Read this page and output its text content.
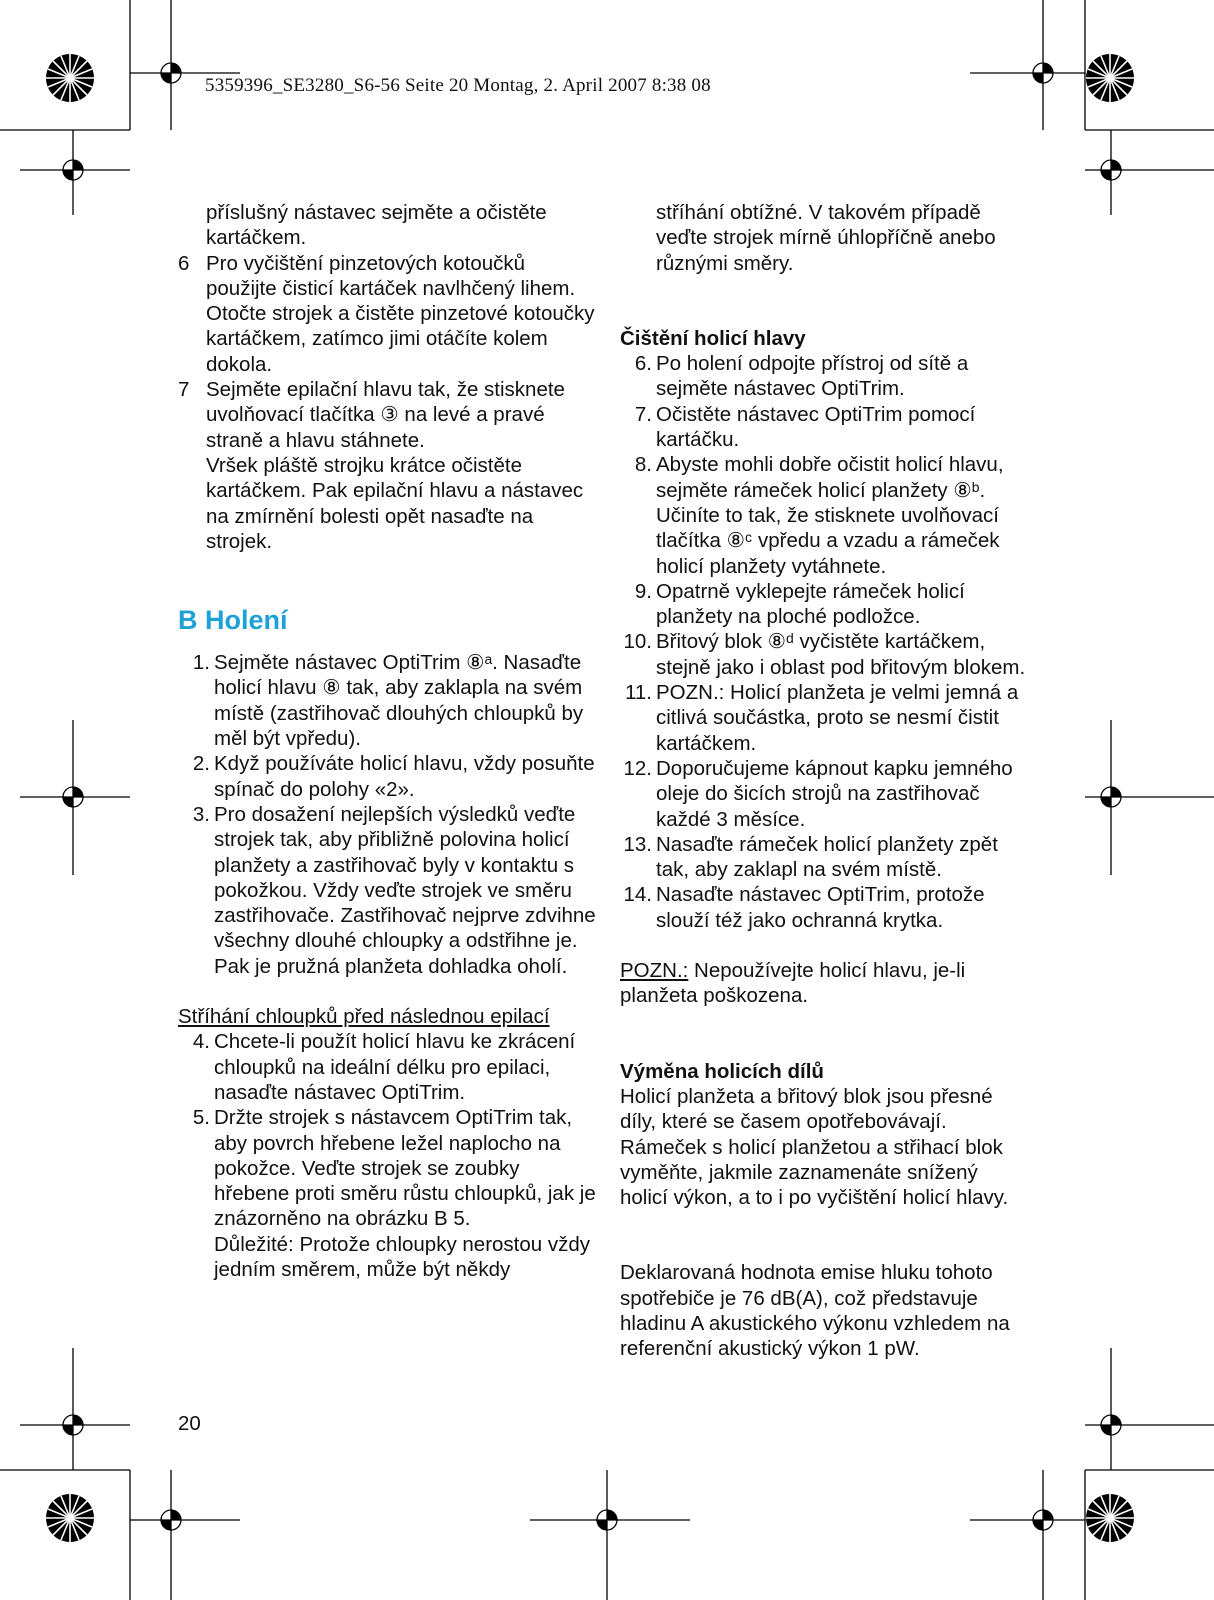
5359396_SE3280_S6-56 Seite 20 Montag, 2. April 2007 8:38 08

příslušný nástavec sejměte a očistěte kartáčkem.

6 Pro vyčištění pinzetových kotoučků použijte čisticí kartáček navlhčený lihem. Otočte strojek a čistěte pinzetové kotoučky kartáčkem, zatímco jimi otáčíte kolem dokola.

7 Sejměte epilační hlavu tak, že stisknete uvolňovací tlačítka ③ na levé a pravé straně a hlavu stáhnete.

Vršek pláště strojku krátce očistěte kartáčkem. Pak epilační hlavu a nástavec na zmírnění bolesti opět nasaďte na strojek.

B Holení
1. Sejměte nástavec OptiTrim ⑧ᵃ. Nasaďte holicí hlavu ⑧ tak, aby zaklapla na svém místě (zastřihovač dlouhých chloupků by měl být vpředu).

2. Když používáte holicí hlavu, vždy posuňte spínač do polohy «2».

3. Pro dosažení nejlepších výsledků veďte strojek tak, aby přibližně polovina holicí planžety a zastřihovač byly v kontaktu s pokožkou. Vždy veďte strojek ve směru zastřihovače. Zastřihovač nejprve zdvihne všechny dlouhé chloupky a odstřihne je. Pak je pružná planžeta dohladka oholí.

Stříhání chloupků před následnou epilací

4. Chcete-li použít holicí hlavu ke zkrácení chloupků na ideální délku pro epilaci, nasaďte nástavec OptiTrim.

5. Držte strojek s nástavcem OptiTrim tak, aby povrch hřebene ležel naplocho na pokožce. Veďte strojek se zoubky hřebene proti směru růstu chloupků, jak je znázorněno na obrázku B 5.

Důležité: Protože chloupky nerostou vždy jedním směrem, může být někdy

stříhání obtížné. V takovém případě veďte strojek mírně úhlopříčně anebo různými směry.

Čištění holicí hlavy

6. Po holení odpojte přístroj od sítě a sejměte nástavec OptiTrim.

7. Očistěte nástavec OptiTrim pomocí kartáčku.

8. Abyste mohli dobře očistit holicí hlavu, sejměte rámeček holicí planžety ⑧ᵇ. Učiníte to tak, že stisknete uvolňovací tlačítka ⑧ᶜ vpředu a vzadu a rámeček holicí planžety vytáhnete.

9. Opatrně vyklepejte rámeček holicí planžety na ploché podložce.

10. Břitový blok ⑧ᵈ vyčistěte kartáčkem, stejně jako i oblast pod břitovým blokem.

11. POZN.: Holicí planžeta je velmi jemná a citlivá součástka, proto se nesmí čistit kartáčkem.

12. Doporučujeme kápnout kapku jemného oleje do šicích strojů na zastřihovač každé 3 měsíce.

13. Nasaďte rámeček holicí planžety zpět tak, aby zaklapl na svém místě.

14. Nasaďte nástavec OptiTrim, protože slouží též jako ochranná krytka.

POZN.: Nepoužívejte holicí hlavu, je-li planžeta poškozena.

Výměna holicích dílů

Holicí planžeta a břitový blok jsou přesné díly, které se časem opotřebovávají. Rámeček s holicí planžetou a střihací blok vyměňte, jakmile zaznamenáte snížený holicí výkon, a to i po vyčištění holicí hlavy.

Deklarovaná hodnota emise hluku tohoto spotřebiče je 76 dB(A), což představuje hladinu A akustického výkonu vzhledem na referenční akustický výkon 1 pW.

20
